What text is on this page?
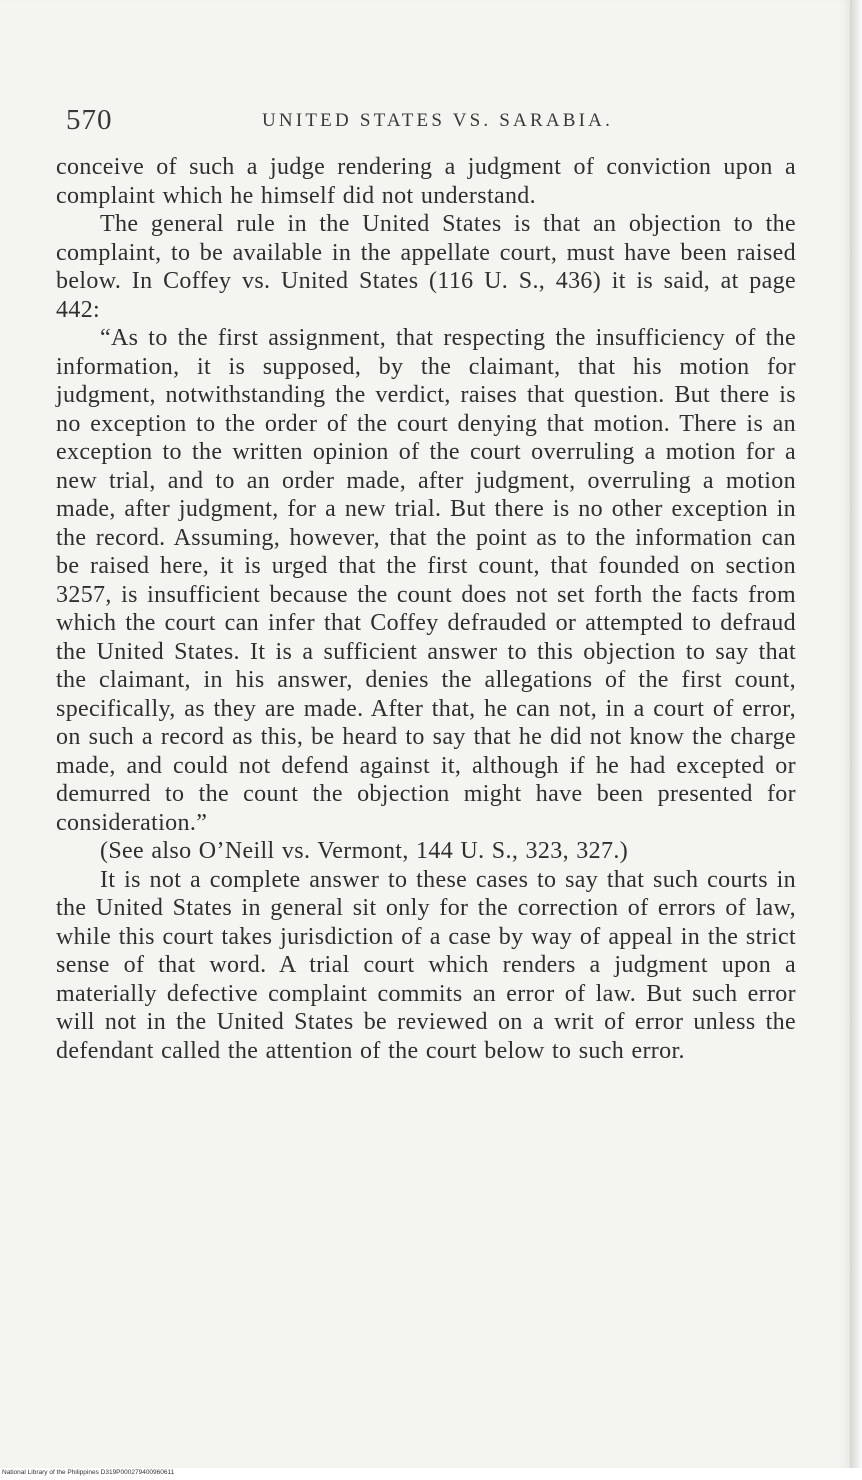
570	UNITED STATES VS. SARABIA.

conceive of such a judge rendering a judgment of conviction upon a complaint which he himself did not understand.

The general rule in the United States is that an objection to the complaint, to be available in the appellate court, must have been raised below. In Coffey vs. United States (116 U. S., 436) it is said, at page 442:

“As to the first assignment, that respecting the insufficiency of the information, it is supposed, by the claimant, that his motion for judgment, notwithstanding the verdict, raises that question. But there is no exception to the order of the court denying that motion. There is an exception to the written opinion of the court overruling a motion for a new trial, and to an order made, after judgment, overruling a motion made, after judgment, for a new trial. But there is no other exception in the record. Assuming, however, that the point as to the information can be raised here, it is urged that the first count, that founded on section 3257, is insufficient because the count does not set forth the facts from which the court can infer that Coffey defrauded or attempted to defraud the United States. It is a sufficient answer to this objection to say that the claimant, in his answer, denies the allegations of the first count, specifically, as they are made. After that, he can not, in a court of error, on such a record as this, be heard to say that he did not know the charge made, and could not defend against it, although if he had excepted or demurred to the count the objection might have been presented for consideration.”

(See also O’Neill vs. Vermont, 144 U. S., 323, 327.)

It is not a complete answer to these cases to say that such courts in the United States in general sit only for the correction of errors of law, while this court takes jurisdiction of a case by way of appeal in the strict sense of that word. A trial court which renders a judgment upon a materially defective complaint commits an error of law. But such error will not in the United States be reviewed on a writ of error unless the defendant called the attention of the court below to such error.

National Library of the Philippines D319P000279400960611
